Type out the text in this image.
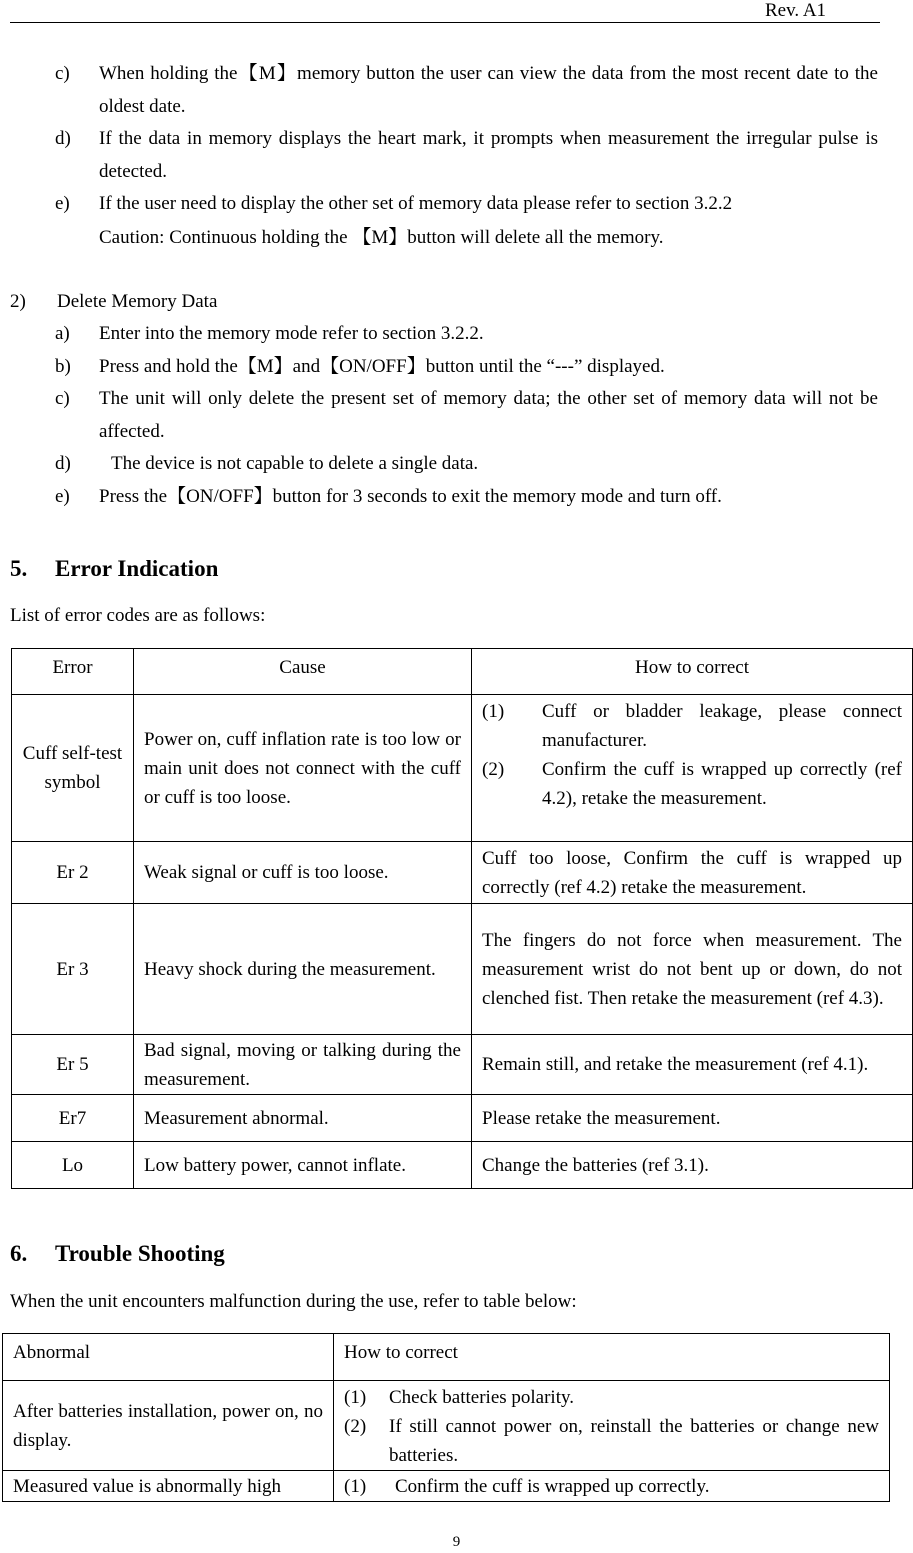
Rev. A1
c) When holding the【M】memory button the user can view the data from the most recent date to the oldest date.
d) If the data in memory displays the heart mark, it prompts when measurement the irregular pulse is detected.
e) If the user need to display the other set of memory data please refer to section 3.2.2
Caution: Continuous holding the 【M】button will delete all the memory.
2) Delete Memory Data
a) Enter into the memory mode refer to section 3.2.2.
b) Press and hold the【M】and【ON/OFF】button until the “---” displayed.
c) The unit will only delete the present set of memory data; the other set of memory data will not be affected.
d) The device is not capable to delete a single data.
e) Press the【ON/OFF】button for 3 seconds to exit the memory mode and turn off.
5. Error Indication
List of error codes are as follows:
Error	Cause	How to correct
Cuff self-test symbol	Power on, cuff inflation rate is too low or main unit does not connect with the cuff or cuff is too loose.	(1) Cuff or bladder leakage, please connect manufacturer.
(2) Confirm the cuff is wrapped up correctly (ref 4.2), retake the measurement.

Er 2	Weak signal or cuff is too loose.	Cuff too loose, Confirm the cuff is wrapped up correctly (ref 4.2) retake the measurement.
Er 3	Heavy shock during the measurement.	The fingers do not force when measurement. The measurement wrist do not bent up or down, do not clenched fist. Then retake the measurement (ref 4.3).
Er 5	Bad signal, moving or talking during the measurement.	Remain still, and retake the measurement (ref 4.1).
Er7	Measurement abnormal.	Please retake the measurement.
Lo	Low battery power, cannot inflate.	Change the batteries (ref 3.1).
6. Trouble Shooting
When the unit encounters malfunction during the use, refer to table below:
Abnormal	How to correct
After batteries installation, power on, no display.	(1) Check batteries polarity.
(2) If still cannot power on, reinstall the batteries or change new batteries.

Measured value is abnormally high	(1) Confirm the cuff is wrapped up correctly.
9
